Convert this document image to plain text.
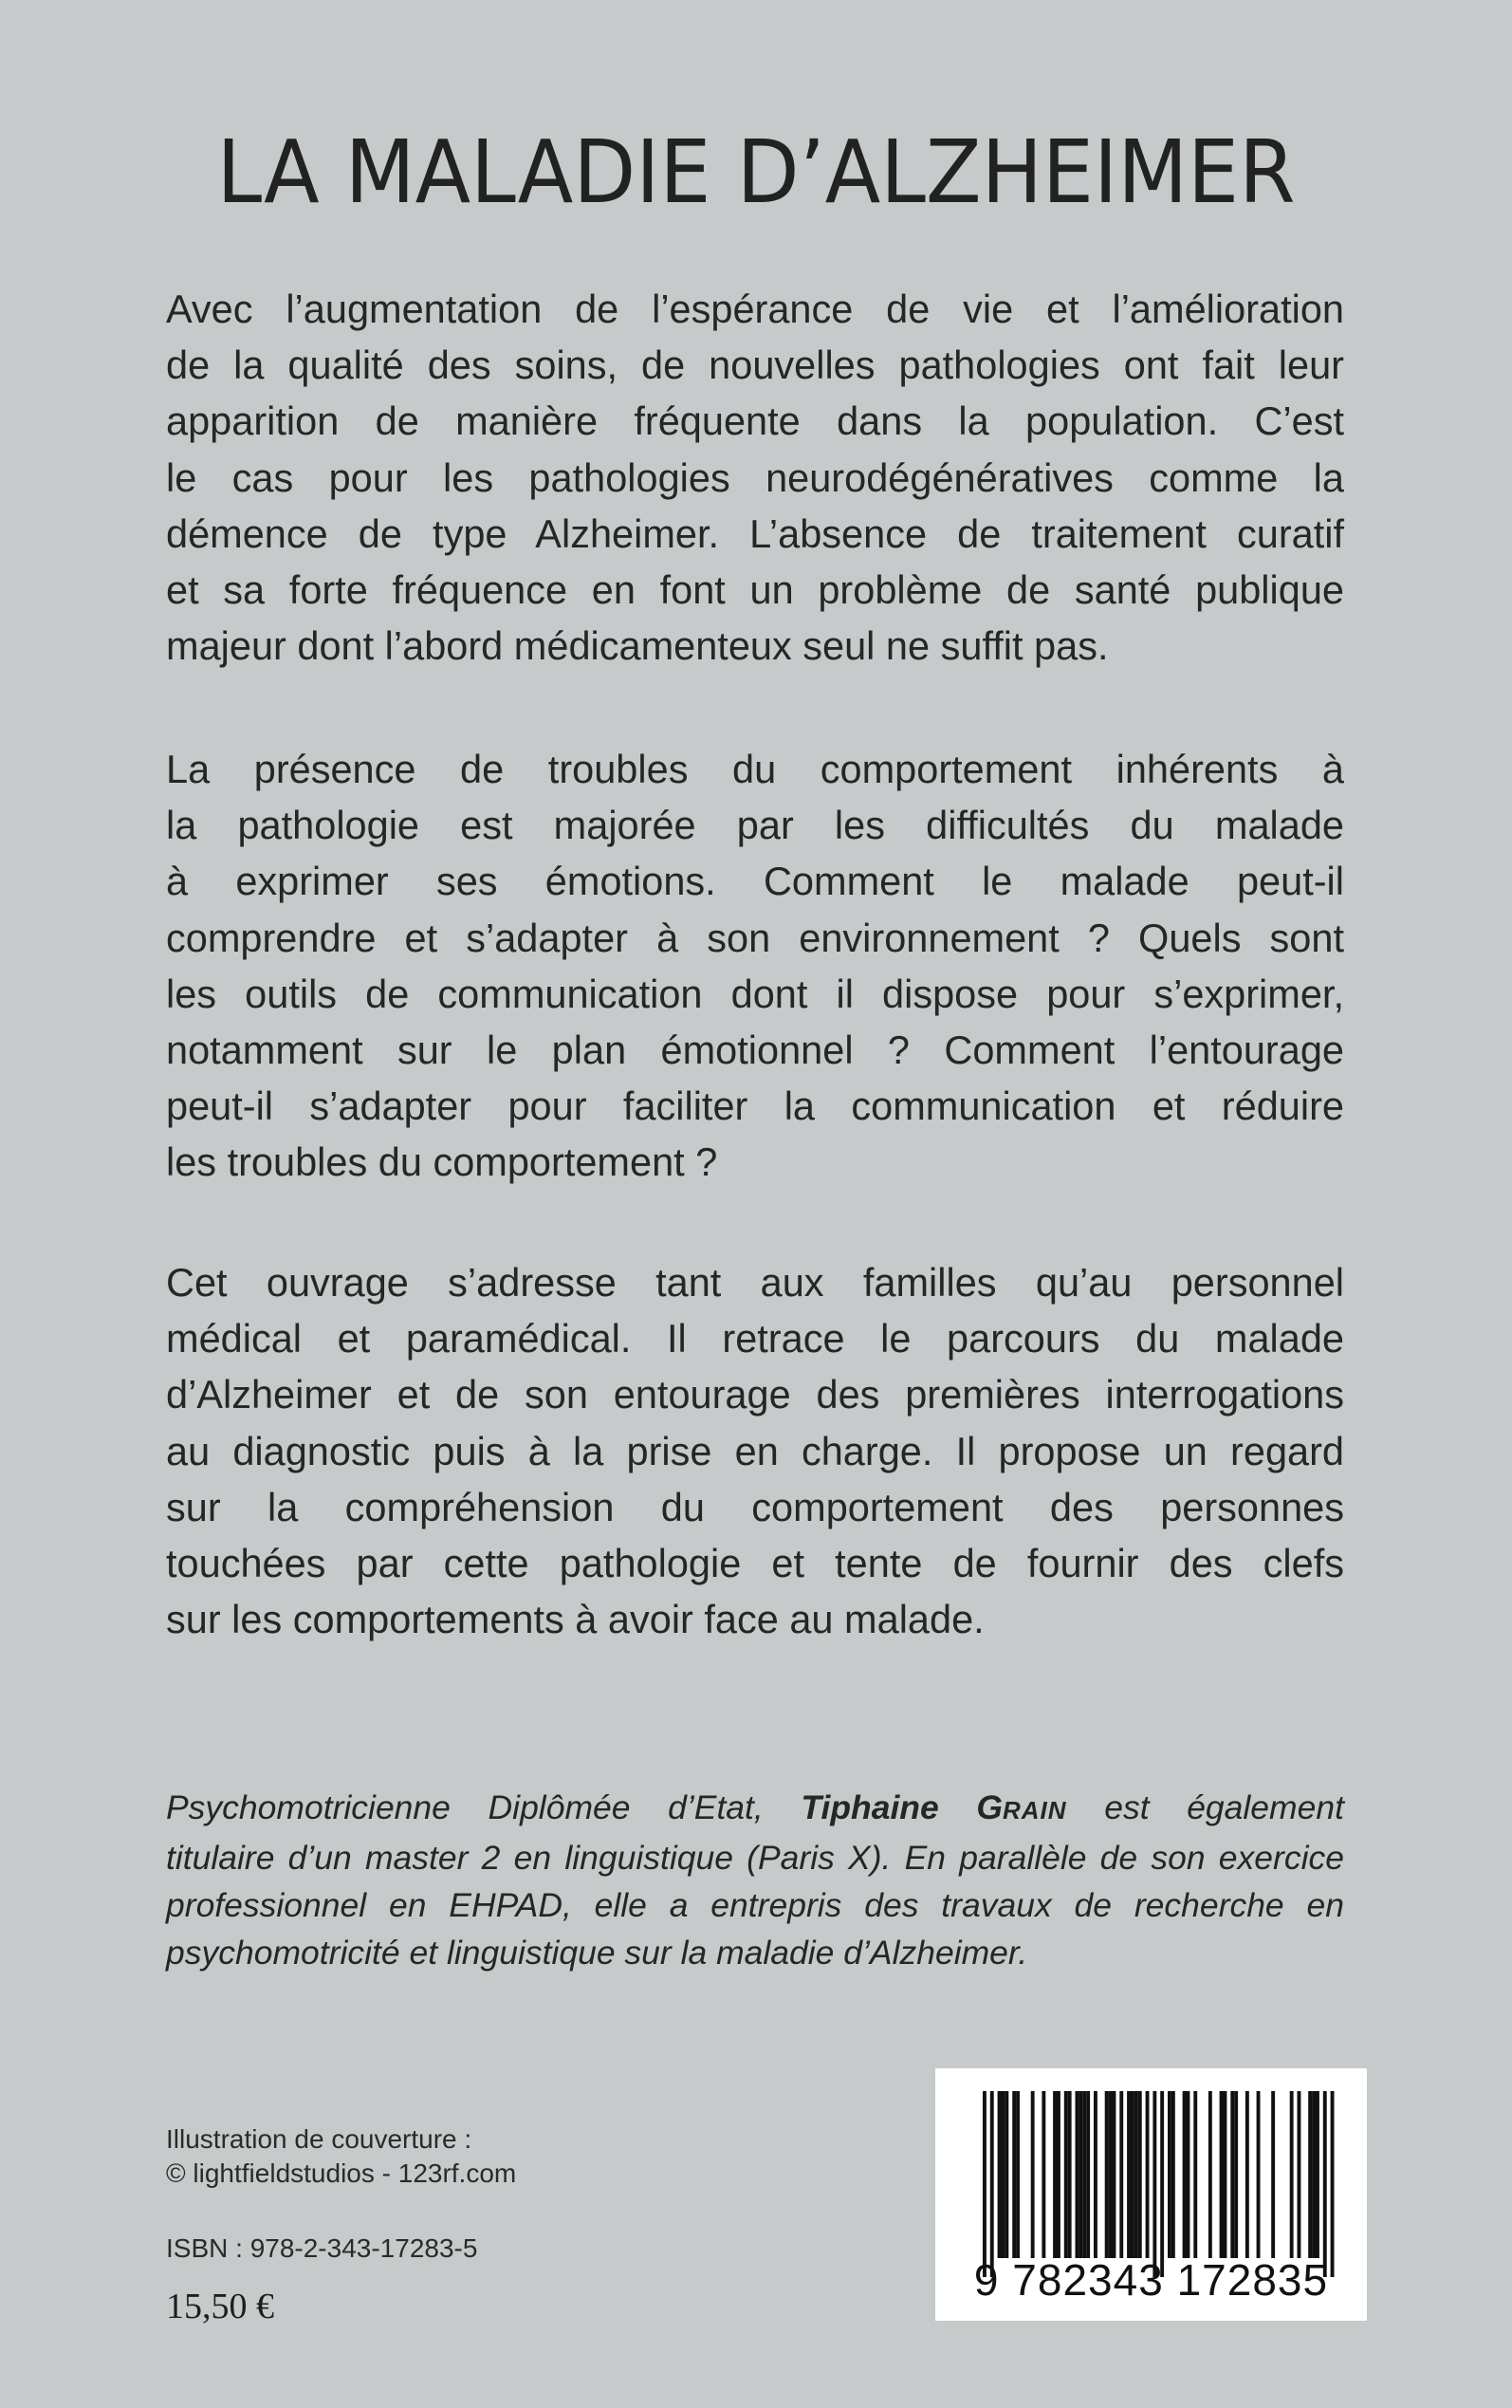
LA MALADIE D’ALZHEIMER

Avec l’augmentation de l’espérance de vie et l’amélioration
de la qualité des soins, de nouvelles pathologies ont fait leur
apparition de manière fréquente dans la population. C’est
le cas pour les pathologies neurodégénératives comme la
démence de type Alzheimer. L’absence de traitement curatif
et sa forte fréquence en font un problème de santé publique
majeur dont l’abord médicamenteux seul ne suffit pas.

La présence de troubles du comportement inhérents à
la pathologie est majorée par les difficultés du malade
à exprimer ses émotions. Comment le malade peut-il
comprendre et s’adapter à son environnement ? Quels sont
les outils de communication dont il dispose pour s’exprimer,
notamment sur le plan émotionnel ? Comment l’entourage
peut-il s’adapter pour faciliter la communication et réduire
les troubles du comportement ?

Cet ouvrage s’adresse tant aux familles qu’au personnel
médical et paramédical. Il retrace le parcours du malade
d’Alzheimer et de son entourage des premières interrogations
au diagnostic puis à la prise en charge. Il propose un regard
sur la compréhension du comportement des personnes
touchées par cette pathologie et tente de fournir des clefs
sur les comportements à avoir face au malade.

Psychomotricienne Diplômée d’Etat, Tiphaine GRAIN est également
titulaire d’un master 2 en linguistique (Paris X). En parallèle de son exercice
professionnel en EHPAD, elle a entrepris des travaux de recherche en
psychomotricité et linguistique sur la maladie d’Alzheimer.

Illustration de couverture :
© lightfieldstudios - 123rf.com
ISBN : 978-2-343-17283-5
15,50 €
9 782343 172835
